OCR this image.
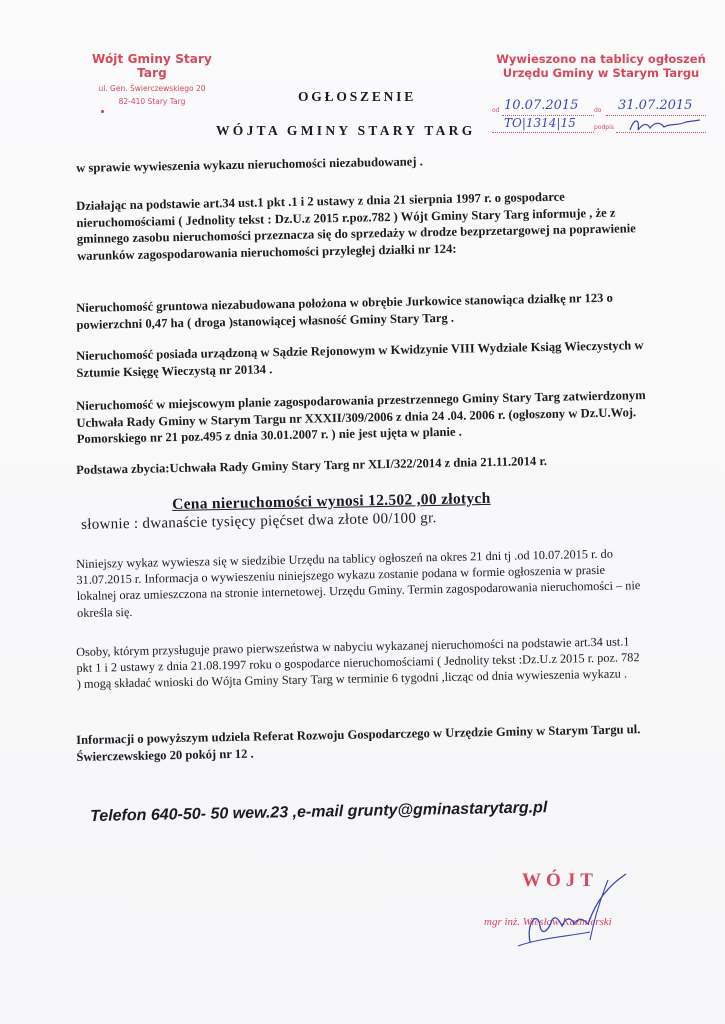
Wójt Gminy Stary Targ
ul. Gen. Świerczewskiego 20
82-410 Stary Targ
Wywieszono na tablicy ogłoszeń
Urzędu Gminy w Starym Targu
od	do
podpis
10.07.2015	31.07.2015
TO|1314|15
OGŁOSZENIE
WÓJTA GMINY STARY TARG
w sprawie wywieszenia wykazu nieruchomości niezabudowanej .
Działając na podstawie art.34 ust.1 pkt .1 i 2 ustawy z dnia 21 sierpnia 1997 r. o gospodarce nieruchomościami ( Jednolity tekst : Dz.U.z 2015 r.poz.782 ) Wójt Gminy Stary Targ informuje , że z gminnego zasobu nieruchomości przeznacza się do sprzedaży w drodze bezprzetargowej na poprawienie warunków zagospodarowania nieruchomości przyległej działki nr 124:
Nieruchomość gruntowa niezabudowana położona w obrębie Jurkowice stanowiąca działkę nr 123 o powierzchni 0,47 ha ( droga )stanowiącej własność Gminy Stary Targ .
Nieruchomość posiada urządzoną w Sądzie Rejonowym w Kwidzynie VIII Wydziale Ksiąg Wieczystych w Sztumie Księgę Wieczystą nr 20134 .
Nieruchomość w miejscowym planie zagospodarowania przestrzennego Gminy Stary Targ zatwierdzonym Uchwała Rady Gminy w Starym Targu nr XXXII/309/2006 z dnia 24 .04. 2006 r. (ogłoszony w Dz.U.Woj. Pomorskiego nr 21 poz.495 z dnia 30.01.2007 r. ) nie jest ujęta w planie .
Podstawa zbycia:Uchwała Rady Gminy Stary Targ nr XLI/322/2014 z dnia 21.11.2014 r.
Cena nieruchomości wynosi 12.502 ,00 złotych
słownie : dwanaście tysięcy pięćset dwa złote 00/100 gr.
Niniejszy wykaz wywiesza się w siedzibie Urzędu na tablicy ogłoszeń na okres 21 dni tj .od 10.07.2015 r. do 31.07.2015 r. Informacja o wywieszeniu niniejszego wykazu zostanie podana w formie ogłoszenia w prasie lokalnej oraz umieszczona na stronie internetowej. Urzędu Gminy. Termin zagospodarowania nieruchomości – nie określa się.
Osoby, którym przysługuje prawo pierwszeństwa w nabyciu wykazanej nieruchomości na podstawie art.34 ust.1 pkt 1 i 2 ustawy z dnia 21.08.1997 roku o gospodarce nieruchomościami ( Jednolity tekst :Dz.U.z 2015 r. poz. 782 ) mogą składać wnioski do Wójta Gminy Stary Targ w terminie 6 tygodni ,licząc od dnia wywieszenia wykazu .
Informacji o powyższym udziela Referat Rozwoju Gospodarczego w Urzędzie Gminy w Starym Targu ul. Świerczewskiego 20 pokój nr 12 .
Telefon 640-50- 50 wew.23 ,e-mail grunty@gminastarytarg.pl
WÓJT
mgr inż. Wiesław Kaźmierski
